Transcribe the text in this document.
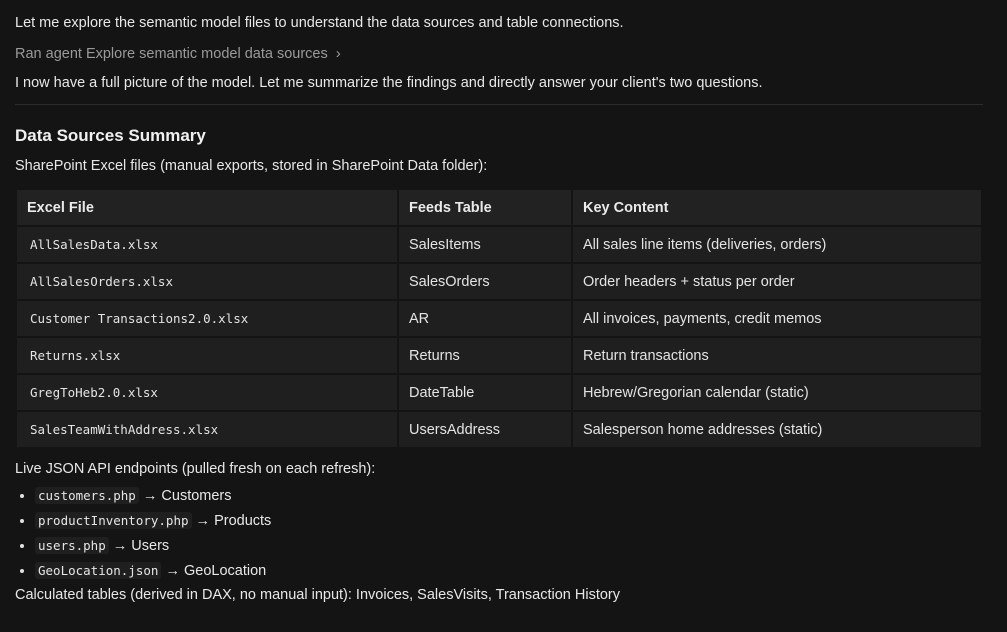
Let me explore the semantic model files to understand the data sources and table connections.

Ran agent Explore semantic model data sources ›

I now have a full picture of the model. Let me summarize the findings and directly answer your client's two questions.

Data Sources Summary

SharePoint Excel files (manual exports, stored in SharePoint Data folder):

Excel File	Feeds Table	Key Content
AllSalesData.xlsx	SalesItems	All sales line items (deliveries, orders)
AllSalesOrders.xlsx	SalesOrders	Order headers + status per order
Customer Transactions2.0.xlsx	AR	All invoices, payments, credit memos
Returns.xlsx	Returns	Return transactions
GregToHeb2.0.xlsx	DateTable	Hebrew/Gregorian calendar (static)
SalesTeamWithAddress.xlsx	UsersAddress	Salesperson home addresses (static)

Live JSON API endpoints (pulled fresh on each refresh):

• customers.php → Customers
• productInventory.php → Products
• users.php → Users
• GeoLocation.json → GeoLocation

Calculated tables (derived in DAX, no manual input): Invoices, SalesVisits, Transaction History
